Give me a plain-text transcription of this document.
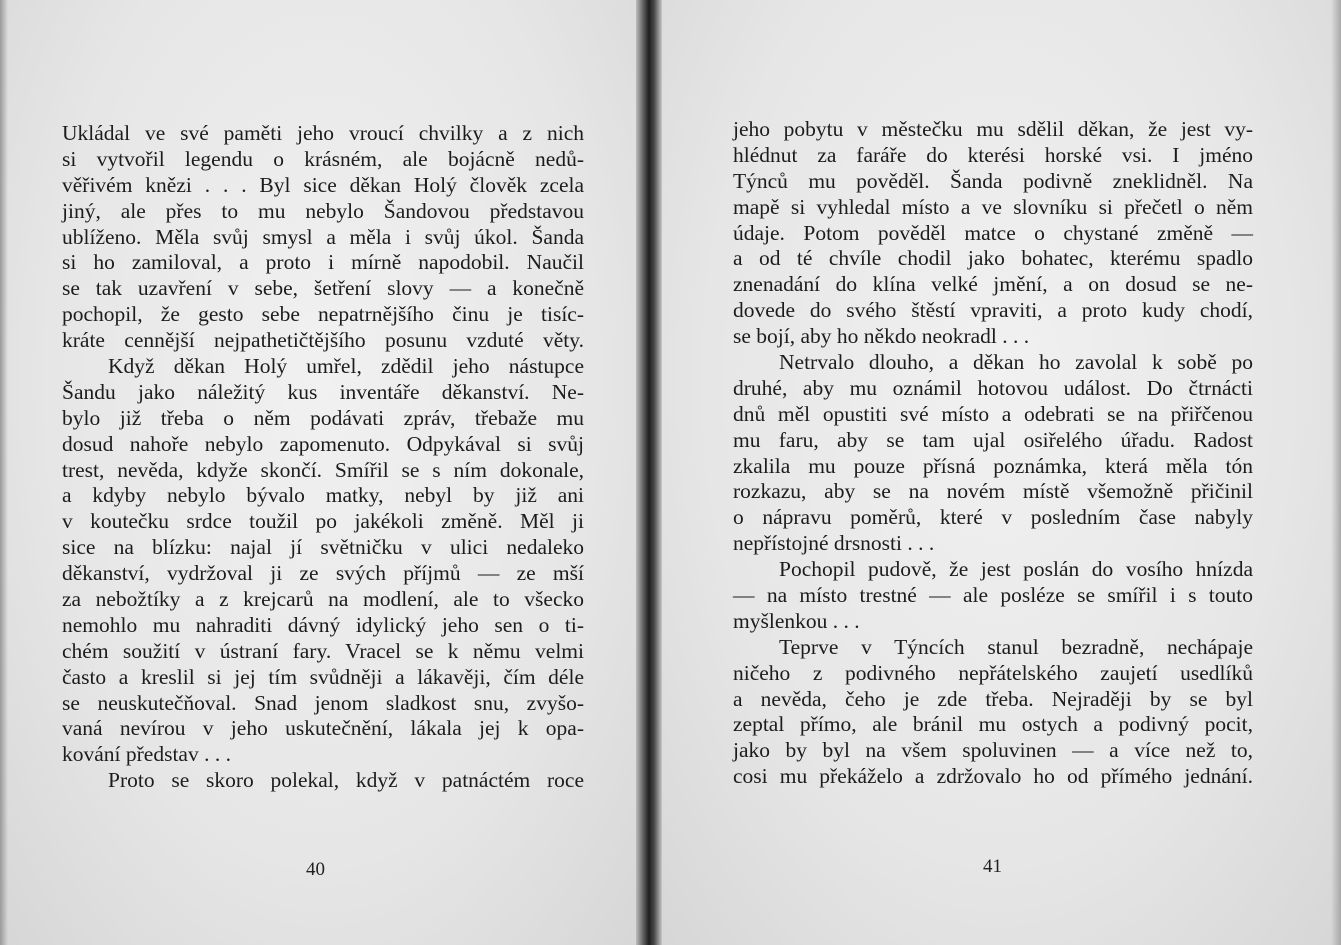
Ukládal ve své paměti jeho vroucí chvilky a z nich
si vytvořil legendu o krásném, ale bojácně nedů-
věřivém knězi . . . Byl sice děkan Holý člověk zcela
jiný, ale přes to mu nebylo Šandovou představou
ublíženo. Měla svůj smysl a měla i svůj úkol. Šanda
si ho zamiloval, a proto i mírně napodobil. Naučil
se tak uzavření v sebe, šetření slovy — a konečně
pochopil, že gesto sebe nepatrnějšího činu je tisíc-
kráte cennější nejpathetičtějšího posunu vzduté věty.
Když děkan Holý umřel, zdědil jeho nástupce
Šandu jako náležitý kus inventáře děkanství. Ne-
bylo již třeba o něm podávati zpráv, třebaže mu
dosud nahoře nebylo zapomenuto. Odpykával si svůj
trest, nevěda, kdyže skončí. Smířil se s ním dokonale,
a kdyby nebylo bývalo matky, nebyl by již ani
v koutečku srdce toužil po jakékoli změně. Měl ji
sice na blízku: najal jí světničku v ulici nedaleko
děkanství, vydržoval ji ze svých příjmů — ze mší
za nebožtíky a z krejcarů na modlení, ale to všecko
nemohlo mu nahraditi dávný idylický jeho sen o ti-
chém soužití v ústraní fary. Vracel se k němu velmi
často a kreslil si jej tím svůdněji a lákavěji, čím déle
se neuskutečňoval. Snad jenom sladkost snu, zvyšo-
vaná nevírou v jeho uskutečnění, lákala jej k opa-
kování představ . . .
Proto se skoro polekal, když v patnáctém roce
40
jeho pobytu v městečku mu sdělil děkan, že jest vy-
hlédnut za faráře do kterési horské vsi. I jméno
Týnců mu pověděl. Šanda podivně zneklidněl. Na
mapě si vyhledal místo a ve slovníku si přečetl o něm
údaje. Potom pověděl matce o chystané změně —
a od té chvíle chodil jako bohatec, kterému spadlo
znenadání do klína velké jmění, a on dosud se ne-
dovede do svého štěstí vpraviti, a proto kudy chodí,
se bojí, aby ho někdo neokradl . . .
Netrvalo dlouho, a děkan ho zavolal k sobě po
druhé, aby mu oznámil hotovou událost. Do čtrnácti
dnů měl opustiti své místo a odebrati se na přiřčenou
mu faru, aby se tam ujal osiřelého úřadu. Radost
zkalila mu pouze přísná poznámka, která měla tón
rozkazu, aby se na novém místě všemožně přičinil
o nápravu poměrů, které v posledním čase nabyly
nepřístojné drsnosti . . .
Pochopil pudově, že jest poslán do vosího hnízda
— na místo trestné — ale posléze se smířil i s touto
myšlenkou . . .
Teprve v Týncích stanul bezradně, nechápaje
ničeho z podivného nepřátelského zaujetí usedlíků
a nevěda, čeho je zde třeba. Nejraději by se byl
zeptal přímo, ale bránil mu ostych a podivný pocit,
jako by byl na všem spoluvinen — a více než to,
cosi mu překáželo a zdržovalo ho od přímého jednání.
41
